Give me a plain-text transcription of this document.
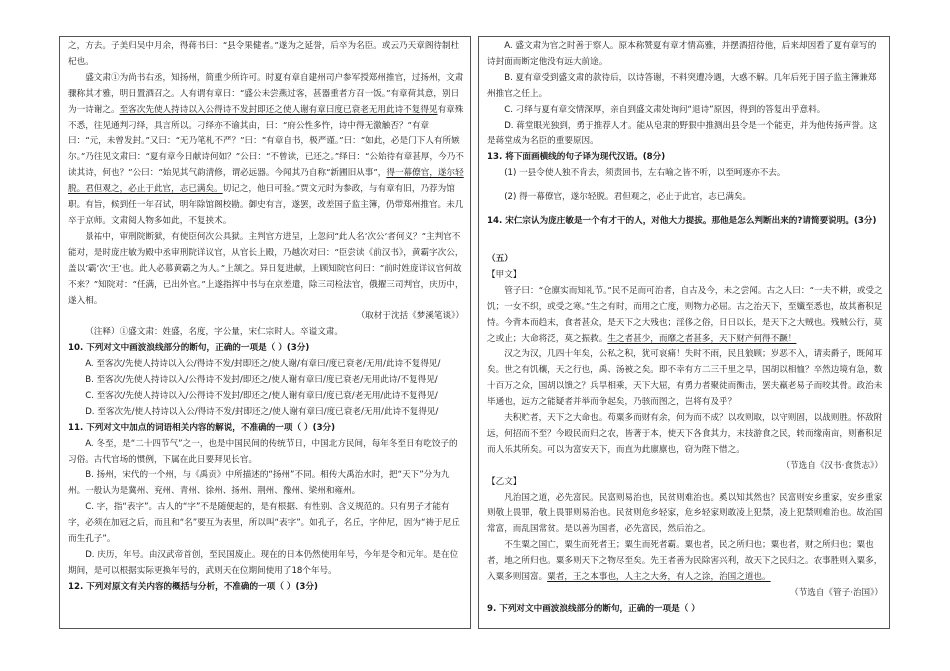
之，方去。子美归吴中月余，得蒋书曰：“县令果健者。”遂为之延誉，后卒为名臣。或云乃天章阁待制杜杞也。

盛文肃①为尚书右丞，知扬州，简重少所许可。时夏有章自建州司户参军授郑州推官，过扬州，文肃骤称其才雅，明日置酒召之。人有谓有章曰：“盛公未尝燕过客，甚器重者方召一饭。”有章荷其意，别日为一诗谢之。至客次先使人持诗以入公得诗不发封即还之使人谢有章曰度已衰老无用此诗不复得见有章殊不悉，往见通判刁绎，具言所以。刁绎亦不谕其由，曰：“府公性多忤，诗中得无激触否？”有章曰：“元，未曾发封。”又曰：“无乃笔札不严？”曰：“有章自书，极严谨。”曰：“如此，必是门下人有所嫉尔。”乃往见文肃曰：“夏有章今日献诗何如？”公曰：“不曾读，已还之。”绎曰：“公始待有章甚厚，今乃不读其诗，何也？”公曰：“始见其气韵清修，谓必远器。今闻其乃自称“新圃旧从事”，得一幕僚官，遂尔轻脱。君但观之，必止于此官，志已满矣。切记之，他日可验。”贾文元时为参政，与有章有旧，乃荐为馆职。有旨，候到任一年召试，明年除馆阁校勘。御史有言，遂罢，改差国子监主簿，仍带郑州推官。未几卒于京师。文肃阅人物多如此，不复挟术。

景祐中，审刑院断狱，有使臣何次公具狱。主判官方进呈，上忽问“此人名‘次公’者何义？”主判官不能对，是时庞庄敏为殿中丞审刑院详议官，从官长上殿，乃越次对曰：“臣尝读《前汉书》，黄霸字次公，盖以‘霸’次‘王’也。此人必慕黄霸之为人。”上颔之。异日复进献，上顾知院官问曰：“前时姓庞详议官何故不来？”知院对：“任满，已出外官。”上遂指挥中书与在京差遣，除三司检法官，俄擢三司判官，庆历中，遂入相。

（取材于沈括《梦溪笔谈》）

（注释）①盛文肃：姓盛，名度，字公量，宋仁宗时人。卒谥文肃。

10. 下列对文中画波浪线部分的断句，正确的一项是（ ）(3分)

A. 至客次/先使人持诗以入公/得诗不发/封即还之/使人谢/有章曰/度已衰老/无用/此诗不复得见/

B. 至客次/先使人持诗以入/公得诗不发封/即还之/使人谢有章曰/度已衰老/无用此诗/不复得见/

C. 至客次/先使人持诗以入/公得诗不发封/即还之/使人谢有章曰/度已衰/老无用/此诗不复得见/

D. 至客次先/使人持诗以入公/得诗不发/封即还之/使人谢有章曰/度已衰老/无用/此诗不复得见/

11. 下列对文中加点的词语相关内容的解说，不准确的一项（ ）(3分)

A. 冬至，是“二十四节气”之一，也是中国民间的传统节日，中国北方民间，每年冬至日有吃饺子的习俗。古代官场的惯例，下属在此日要拜见长官。

B. 扬州，宋代的一个州，与《禹贡》中所描述的“扬州”不同。相传大禹治水时，把“天下”分为九州。一般认为是冀州、兖州、青州、徐州、扬州、荆州、豫州、梁州和雍州。

C. 字，指“表字”。古人的“字”不是随便起的，是有根据、有性别、含义规范的。只有男子才能有字，必须在加冠之后，而且和“名”要互为表里，所以叫“表字”。如孔子，名丘，字仲尼，因为“祷于尼丘而生孔子”。

D. 庆历，年号。由汉武帝首创，至民国废止。现在的日本仍然使用年号，今年是令和元年。是在位期间，是可以根据实际更换年号的，武则天在位期间使用了18个年号。

12. 下列对原文有关内容的概括与分析，不准确的一项（ ）(3分)

A. 盛文肃为官之时善于察人。原本称赞夏有章才情高雅，并摆酒招待他，后来却因看了夏有章写的诗封面而断定他没有远大前途。

B. 夏有章受到盛文肃的款待后，以诗答谢，不料突遭冷遇，大惑不解。几年后死于国子监主簿兼郑州推官之任上。

C. 刁绎与夏有章交情深厚，亲自到盛文肃处询问“退诗”原因，得到的答复出乎意料。

D. 蒋堂眼光独到，勇于推荐人才。能从皂隶的野狠中推测出县令是一个能吏，并为他传扬声誉。这是蒋堂成为名臣的重要原因。

13. 将下面画横线的句子译为现代汉语。(8分)

(1) 一县令使人独不肯去，须责回书，左右喻之皆不听，以至呵逐亦不去。

(2) 得一幕僚官，遂尔轻脱。君但观之，必止于此官，志已满矣。

14. 宋仁宗认为庞庄敏是一个有才干的人，对他大力提拔。那他是怎么判断出来的?请简要说明。(3分)

（五）

【甲文】

管子曰：“仓廪实而知礼节。”民不足而可治者，自古及今，未之尝闻。古之人曰：“一夫不耕，或受之饥；一女不织，或受之寒。”生之有时，而用之亡度，则物力必屈。古之治天下，至孅至悉也，故其畜积足恃。今背本而趋末，食者甚众，是天下之大残也；淫侈之俗，日日以长，是天下之大贼也。残贼公行，莫之或止；大命将泛，莫之振救。生之者甚少，而靡之者甚多，天下财产何得不蹶！

汉之为汉，几四十年矣，公私之积，犹可哀痛！失时不雨，民且狼顾；岁恶不入，请卖爵子，既闻耳矣。世之有饥穰，天之行也，禹、汤被之矣。即不幸有方二三千里之旱，国胡以相恤？卒然边境有急，数十百万之众，国胡以馈之？兵旱相乘，天下大屈，有勇力者聚徒而衡击，罢夫羸老易子而咬其骨。政治未毕通也，远方之能疑者并举而争起矣，乃骇而图之，岂将有及乎？

夫积贮者，天下之大命也。苟粟多而财有余，何为而不成？以攻则取，以守则固，以战则胜。怀敌附远，何招而不至？今殴民而归之农，皆著于本，使天下各食其力，末技游食之民，转而缘南亩，则畜积足而人乐其所矣。可以为富安天下，而直为此廪廪也，窃为陛下惜之。

（节选自《汉书·食货志》）

【乙文】

凡治国之道，必先富民。民富则易治也，民贫则难治也。奚以知其然也？民富则安乡重家，安乡重家则敬上畏罪，敬上畏罪则易治也。民贫则危乡轻家，危乡轻家则敢凌上犯禁，凌上犯禁则难治也。故治国常富，而乱国常贫。是以善为国者，必先富民，然后治之。

不生粟之国亡，粟生而死者王；粟生而死者霸。粟也者，民之所归也；粟也者，财之所归也；粟也者，地之所归也。粟多则天下之物尽至矣。先王者善为民除害兴利，故天下之民归之。农事胜则入粟多，入粟多则国富。粟者，王之本事也，人主之大务，有人之涂，治国之道也。

（节选自《管子·治国》）

9. 下列对文中画波浪线部分的断句，正确的一项是（ ）
